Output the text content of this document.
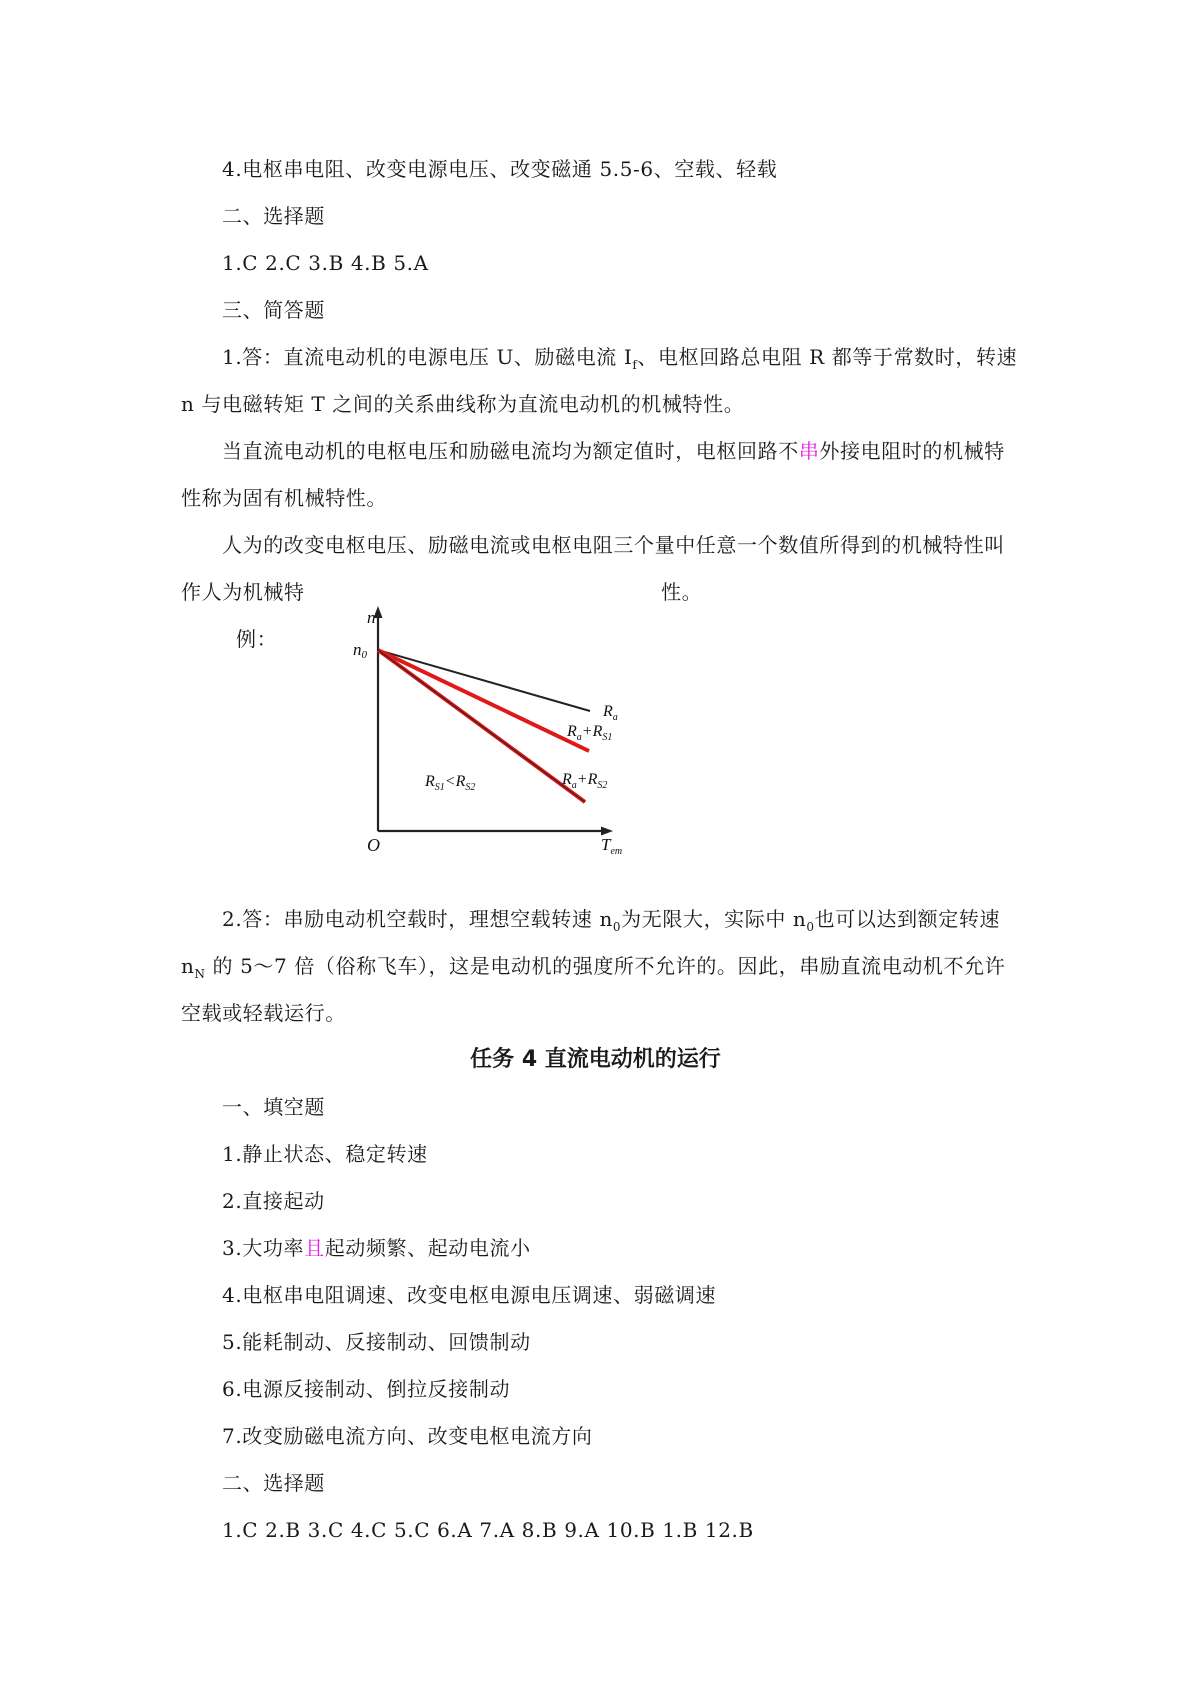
4.电枢串电阻、改变电源电压、改变磁通 5.5-6、空载、轻载
二、选择题
1.C 2.C 3.B 4.B 5.A
三、简答题
1.答：直流电动机的电源电压 U、励磁电流 $I_f$、电枢回路总电阻 R 都等于常数时，转速
n 与电磁转矩 T 之间的关系曲线称为直流电动机的机械特性。
当直流电动机的电枢电压和励磁电流均为额定值时，电枢回路不串外接电阻时的机械特
性称为固有机械特性。
人为的改变电枢电压、励磁电流或电枢电阻三个量中任意一个数值所得到的机械特性叫
作人为机械特	性。
例：
n
n0
O	$T_{em}$
$R_a$
$R_a+R_{S1}$
$R_a+R_{S2}$
$R_{S1}<R_{S2}$
2.答：串励电动机空载时，理想空载转速 $n_0$为无限大，实际中 $n_0$也可以达到额定转速
$n_N$ 的 5～7 倍（俗称飞车），这是电动机的强度所不允许的。因此，串励直流电动机不允许
空载或轻载运行。
任务 4 直流电动机的运行
一、填空题
1.静止状态、稳定转速
2.直接起动
3.大功率且起动频繁、起动电流小
4.电枢串电阻调速、改变电枢电源电压调速、弱磁调速
5.能耗制动、反接制动、回馈制动
6.电源反接制动、倒拉反接制动
7.改变励磁电流方向、改变电枢电流方向
二、选择题
1.C 2.B 3.C 4.C 5.C 6.A 7.A 8.B 9.A 10.B 1.B 12.B
